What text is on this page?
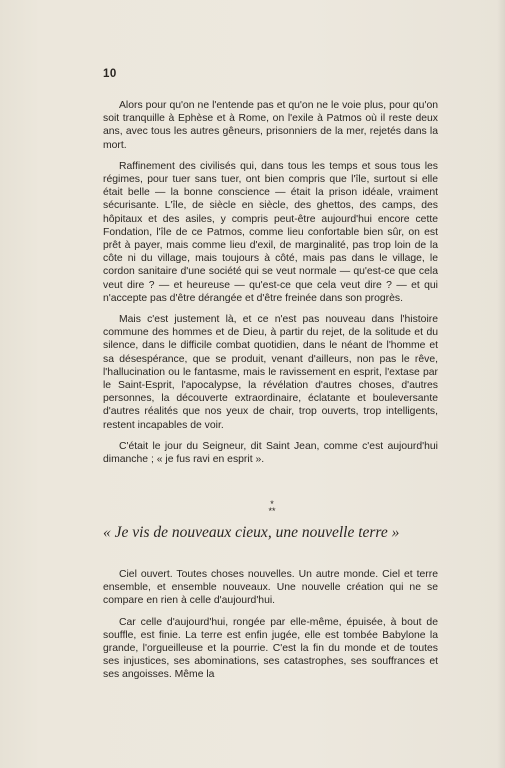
10

Alors pour qu'on ne l'entende pas et qu'on ne le voie plus, pour qu'on soit tranquille à Ephèse et à Rome, on l'exile à Patmos où il reste deux ans, avec tous les autres gêneurs, prisonniers de la mer, rejetés dans la mort.

Raffinement des civilisés qui, dans tous les temps et sous tous les régimes, pour tuer sans tuer, ont bien compris que l'île, surtout si elle était belle — la bonne conscience — était la prison idéale, vraiment sécurisante. L'île, de siècle en siècle, des ghettos, des camps, des hôpitaux et des asiles, y compris peut-être aujourd'hui encore cette Fondation, l'île de ce Patmos, comme lieu confortable bien sûr, on est prêt à payer, mais comme lieu d'exil, de marginalité, pas trop loin de la côte ni du village, mais toujours à côté, mais pas dans le village, le cordon sanitaire d'une société qui se veut normale — qu'est-ce que cela veut dire ? — et heureuse — qu'est-ce que cela veut dire ? — et qui n'accepte pas d'être dérangée et d'être freinée dans son progrès.

Mais c'est justement là, et ce n'est pas nouveau dans l'histoire commune des hommes et de Dieu, à partir du rejet, de la solitude et du silence, dans le difficile combat quotidien, dans le néant de l'homme et sa désespérance, que se produit, venant d'ailleurs, non pas le rêve, l'hallucination ou le fantasme, mais le ravissement en esprit, l'extase par le Saint-Esprit, l'apocalypse, la révélation d'autres choses, d'autres personnes, la découverte extraordinaire, éclatante et bouleversante d'autres réalités que nos yeux de chair, trop ouverts, trop intelligents, restent incapables de voir.

C'était le jour du Seigneur, dit Saint Jean, comme c'est aujourd'hui dimanche ; « je fus ravi en esprit ».

*
**
« Je vis de nouveaux cieux, une nouvelle terre »

Ciel ouvert. Toutes choses nouvelles. Un autre monde. Ciel et terre ensemble, et ensemble nouveaux. Une nouvelle création qui ne se compare en rien à celle d'aujourd'hui.

Car celle d'aujourd'hui, rongée par elle-même, épuisée, à bout de souffle, est finie. La terre est enfin jugée, elle est tombée Babylone la grande, l'orgueilleuse et la pourrie. C'est la fin du monde et de toutes ses injustices, ses abominations, ses catastrophes, ses souffrances et ses angoisses. Même la
